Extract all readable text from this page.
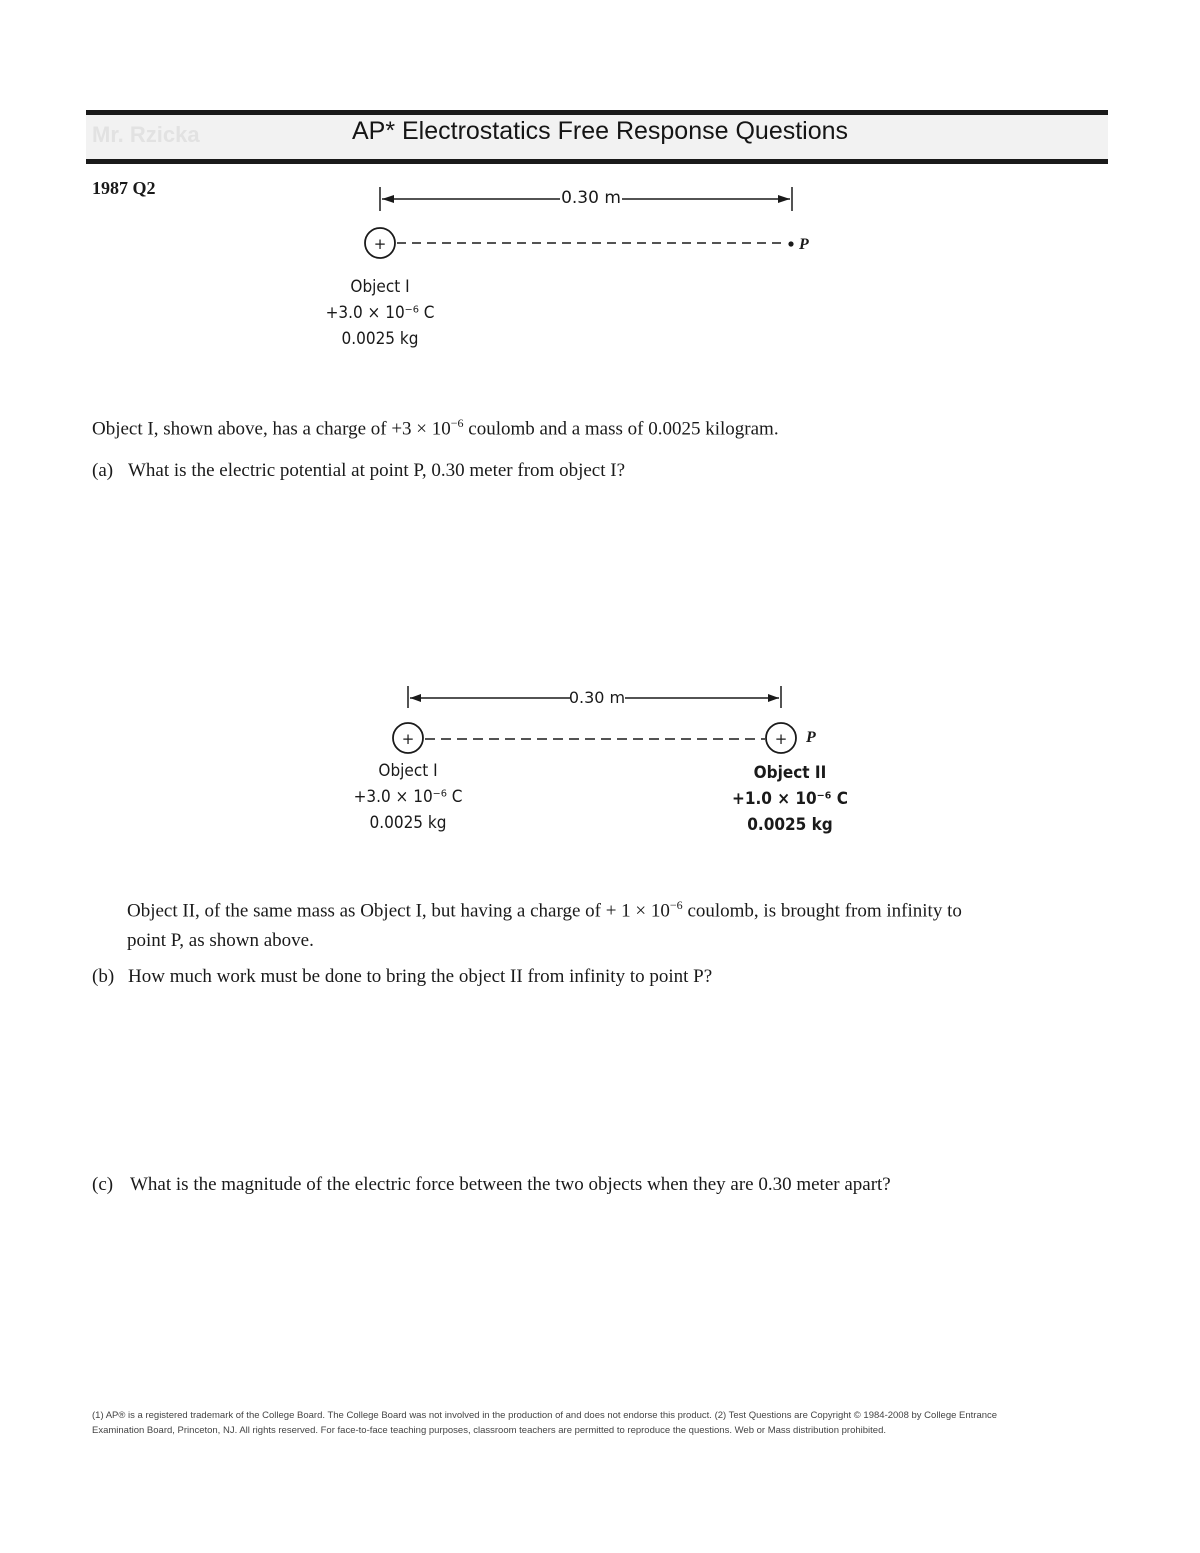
Mr. Rzicka	AP* Electrostatics Free Response Questions
1987 Q2
+	P
0.30 m
Object I
+3.0 × 10⁻⁶ C
0.0025 kg
Object I, shown above, has a charge of $+3 \times 10^{-6}$ coulomb and a mass of 0.0025 kilogram.
(a) What is the electric potential at point P, 0.30 meter from object I?
0.30 m
+	+ P
Object I
+3.0 × 10⁻⁶ C
0.0025 kg
Object II
+1.0 × 10⁻⁶ C
0.0025 kg
Object II, of the same mass as Object I, but having a charge of + $1 \times 10^{-6}$ coulomb, is brought from infinity to
point P, as shown above.
(b) How much work must be done to bring the object II from infinity to point P?
(c) What is the magnitude of the electric force between the two objects when they are 0.30 meter apart?
(1) AP® is a registered trademark of the College Board. The College Board was not involved in the production of and does not endorse this product. (2) Test Questions are Copyright © 1984-2008 by College Entrance
Examination Board, Princeton, NJ. All rights reserved. For face-to-face teaching purposes, classroom teachers are permitted to reproduce the questions. Web or Mass distribution prohibited.
